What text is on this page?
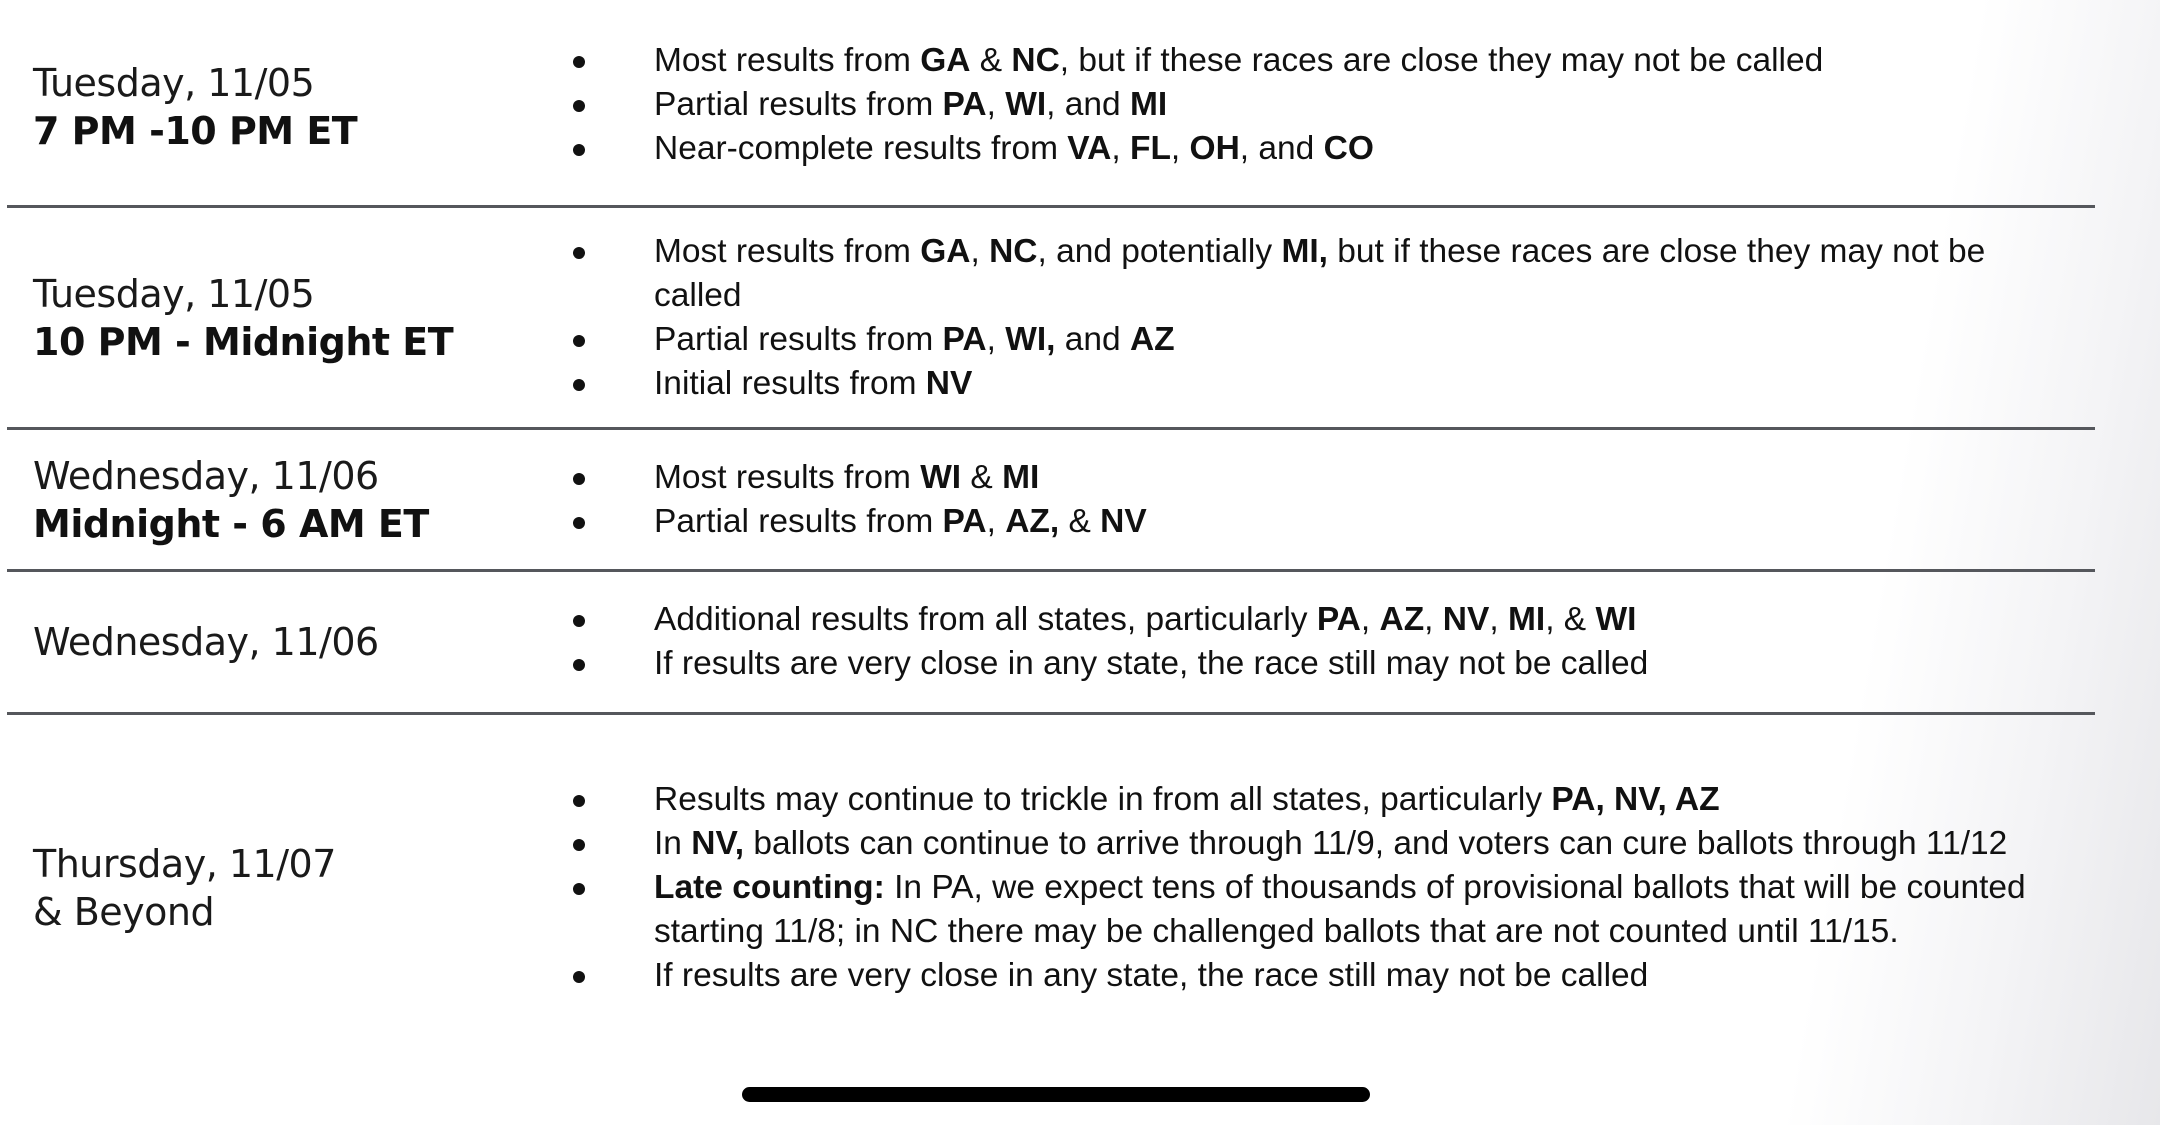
Tuesday, 11/05
7 PM -10 PM ET
Most results from GA & NC, but if these races are close they may not be called
Partial results from PA, WI, and MI
Near-complete results from VA, FL, OH, and CO
Tuesday, 11/05
10 PM - Midnight ET
Most results from GA, NC, and potentially MI, but if these races are close they may not be called
Partial results from PA, WI, and AZ
Initial results from NV
Wednesday, 11/06
Midnight - 6 AM ET
Most results from WI & MI
Partial results from PA, AZ, & NV
Wednesday, 11/06
Additional results from all states, particularly PA, AZ, NV, MI, & WI
If results are very close in any state, the race still may not be called
Thursday, 11/07
& Beyond
Results may continue to trickle in from all states, particularly PA, NV, AZ
In NV, ballots can continue to arrive through 11/9, and voters can cure ballots through 11/12
Late counting: In PA, we expect tens of thousands of provisional ballots that will be counted starting 11/8; in NC there may be challenged ballots that are not counted until 11/15.
If results are very close in any state, the race still may not be called
